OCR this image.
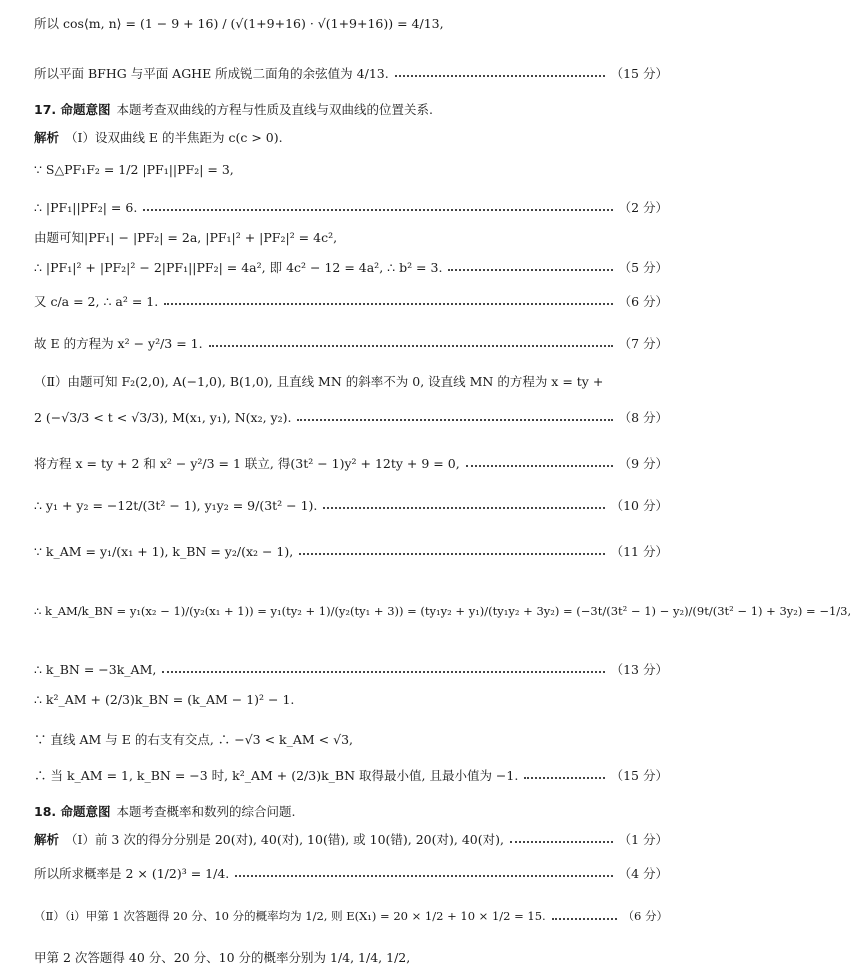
所以 cos⟨m, n⟩ = (1 − 9 + 16) / (√(1+9+16) · √(1+9+16)) = 4/13,
所以平面 BFHG 与平面 AGHE 所成锐二面角的余弦值为 4/13.	（15 分）
17. 命题意图 本题考查双曲线的方程与性质及直线与双曲线的位置关系.
解析 （Ⅰ）设双曲线 E 的半焦距为 c(c > 0).
∵ S△PF₁F₂ = 1/2 |PF₁||PF₂| = 3,
∴ |PF₁||PF₂| = 6.	（2 分）
由题可知|PF₁| − |PF₂| = 2a, |PF₁|² + |PF₂|² = 4c²,
∴ |PF₁|² + |PF₂|² − 2|PF₁||PF₂| = 4a², 即 4c² − 12 = 4a², ∴ b² = 3.	（5 分）
又 c/a = 2, ∴ a² = 1.	（6 分）
故 E 的方程为 x² − y²/3 = 1.	（7 分）
（Ⅱ）由题可知 F₂(2,0), A(−1,0), B(1,0), 且直线 MN 的斜率不为 0, 设直线 MN 的方程为 x = ty +
2 (−√3/3 < t < √3/3), M(x₁, y₁), N(x₂, y₂).	（8 分）
将方程 x = ty + 2 和 x² − y²/3 = 1 联立, 得(3t² − 1)y² + 12ty + 9 = 0,	（9 分）
∴ y₁ + y₂ = −12t/(3t² − 1), y₁y₂ = 9/(3t² − 1).	（10 分）
∵ k_AM = y₁/(x₁ + 1), k_BN = y₂/(x₂ − 1),	（11 分）
∴ k_AM/k_BN = y₁(x₂ − 1)/(y₂(x₁ + 1)) = y₁(ty₂ + 1)/(y₂(ty₁ + 3)) = (ty₁y₂ + y₁)/(ty₁y₂ + 3y₂) = (−3t/(3t² − 1) − y₂)/(9t/(3t² − 1) + 3y₂) = −1/3,
∴ k_BN = −3k_AM,	（13 分）
∴ k²_AM + (2/3)k_BN = (k_AM − 1)² − 1.
∵ 直线 AM 与 E 的右支有交点, ∴ −√3 < k_AM < √3,
∴ 当 k_AM = 1, k_BN = −3 时, k²_AM + (2/3)k_BN 取得最小值, 且最小值为 −1.	（15 分）
18. 命题意图 本题考查概率和数列的综合问题.
解析 （Ⅰ）前 3 次的得分分别是 20(对), 40(对), 10(错), 或 10(错), 20(对), 40(对),	（1 分）
所以所求概率是 2 × (1/2)³ = 1/4.	（4 分）
（Ⅱ）（ⅰ）甲第 1 次答题得 20 分、10 分的概率均为 1/2, 则 E(X₁) = 20 × 1/2 + 10 × 1/2 = 15.	（6 分）
甲第 2 次答题得 40 分、20 分、10 分的概率分别为 1/4, 1/4, 1/2,
